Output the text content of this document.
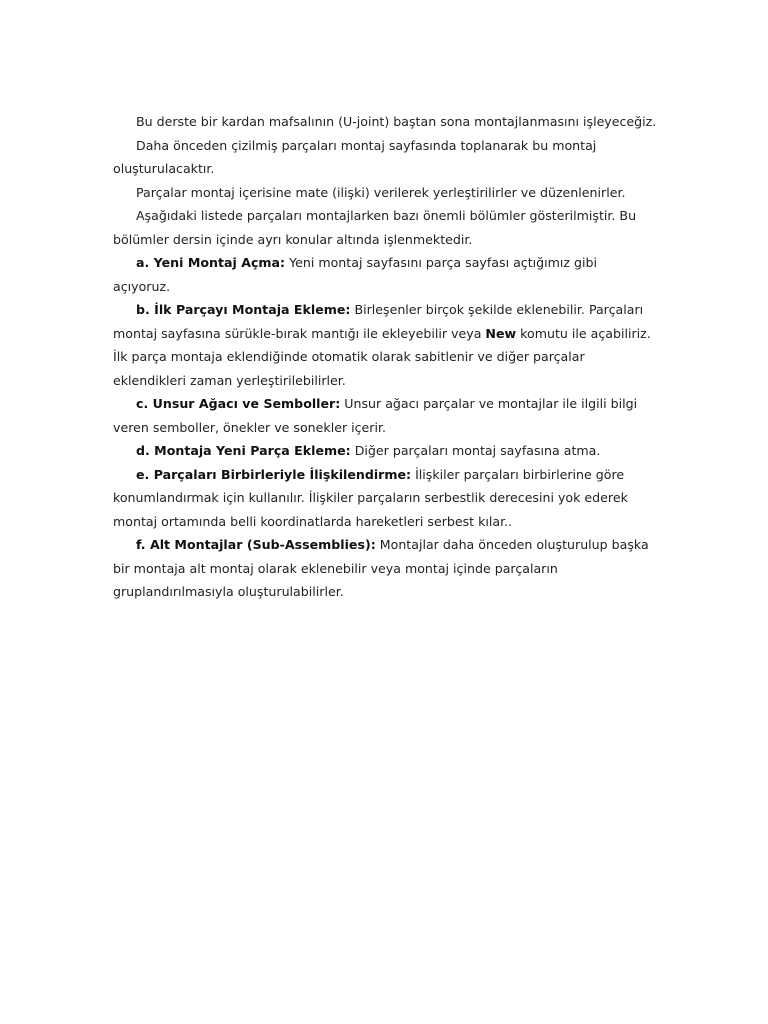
Bu derste bir kardan mafsalının (U-joint) baştan sona montajlanmasını işleyeceğiz.

Daha önceden çizilmiş parçaları montaj sayfasında toplanarak bu montaj oluşturulacaktır.

Parçalar montaj içerisine mate (ilişki) verilerek yerleştirilirler ve düzenlenirler.

Aşağıdaki listede parçaları montajlarken bazı önemli bölümler gösterilmiştir. Bu bölümler dersin içinde ayrı konular altında işlenmektedir.

a. Yeni Montaj Açma: Yeni montaj sayfasını parça sayfası açtığımız gibi açıyoruz.

b. İlk Parçayı Montaja Ekleme: Birleşenler birçok şekilde eklenebilir. Parçaları montaj sayfasına sürükle-bırak mantığı ile ekleyebilir veya New komutu ile açabiliriz. İlk parça montaja eklendiğinde otomatik olarak sabitlenir ve diğer parçalar eklendikleri zaman yerleştirilebilirler.

c. Unsur Ağacı ve Semboller: Unsur ağacı parçalar ve montajlar ile ilgili bilgi veren semboller, önekler ve sonekler içerir.

d. Montaja Yeni Parça Ekleme: Diğer parçaları montaj sayfasına atma.

e. Parçaları Birbirleriyle İlişkilendirme: İlişkiler parçaları birbirlerine göre konumlandırmak için kullanılır. İlişkiler parçaların serbestlik derecesini yok ederek montaj ortamında belli koordinatlarda hareketleri serbest kılar..

f. Alt Montajlar (Sub-Assemblies): Montajlar daha önceden oluşturulup başka bir montaja alt montaj olarak eklenebilir veya montaj içinde parçaların gruplandırılmasıyla oluşturulabilirler.
